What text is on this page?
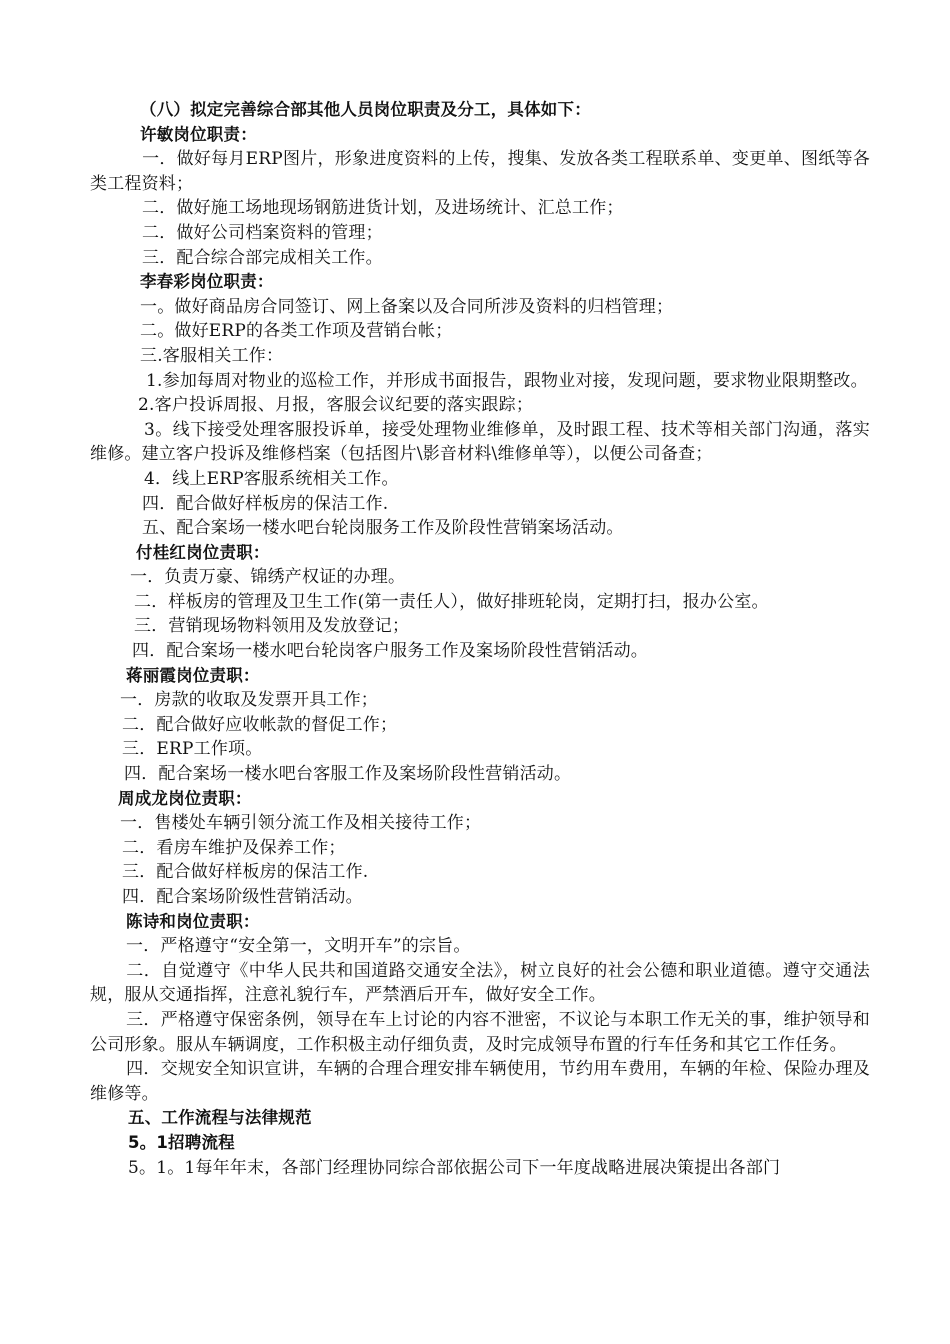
（八）拟定完善综合部其他人员岗位职责及分工，具体如下：
许敏岗位职责：
一．做好每月ERP图片，形象进度资料的上传，搜集、发放各类工程联系单、变更单、图纸等各类工程资料；
二．做好施工场地现场钢筋进货计划，及进场统计、汇总工作；
二．做好公司档案资料的管理；
三．配合综合部完成相关工作。
李春彩岗位职责：
一。做好商品房合同签订、网上备案以及合同所涉及资料的归档管理；
二。做好ERP的各类工作项及营销台帐；
三.客服相关工作：
1.参加每周对物业的巡检工作，并形成书面报告，跟物业对接，发现问题，要求物业限期整改。
2.客户投诉周报、月报，客服会议纪要的落实跟踪；
3。线下接受处理客服投诉单，接受处理物业维修单，及时跟工程、技术等相关部门沟通，落实维修。建立客户投诉及维修档案（包括图片\影音材料\维修单等），以便公司备查；
4．线上ERP客服系统相关工作。
四．配合做好样板房的保洁工作.
五、配合案场一楼水吧台轮岗服务工作及阶段性营销案场活动。
付桂红岗位责职：
一．负责万豪、锦绣产权证的办理。
二．样板房的管理及卫生工作(第一责任人），做好排班轮岗，定期打扫，报办公室。
三．营销现场物料领用及发放登记；
四．配合案场一楼水吧台轮岗客户服务工作及案场阶段性营销活动。
蒋丽霞岗位责职：
一．房款的收取及发票开具工作；
二．配合做好应收帐款的督促工作；
三．ERP工作项。
四．配合案场一楼水吧台客服工作及案场阶段性营销活动。
周成龙岗位责职：
一．售楼处车辆引领分流工作及相关接待工作；
二．看房车维护及保养工作；
三．配合做好样板房的保洁工作.
四．配合案场阶级性营销活动。
陈诗和岗位责职：
一．严格遵守“安全第一，文明开车”的宗旨。
二．自觉遵守《中华人民共和国道路交通安全法》，树立良好的社会公德和职业道德。遵守交通法规，服从交通指挥，注意礼貌行车，严禁酒后开车，做好安全工作。
三．严格遵守保密条例，领导在车上讨论的内容不泄密，不议论与本职工作无关的事，维护领导和公司形象。服从车辆调度，工作积极主动仔细负责，及时完成领导布置的行车任务和其它工作任务。
四．交规安全知识宣讲，车辆的合理合理安排车辆使用，节约用车费用，车辆的年检、保险办理及维修等。
五、工作流程与法律规范
5。1招聘流程
5。1。1每年年末，各部门经理协同综合部依据公司下一年度战略进展决策提出各部门
